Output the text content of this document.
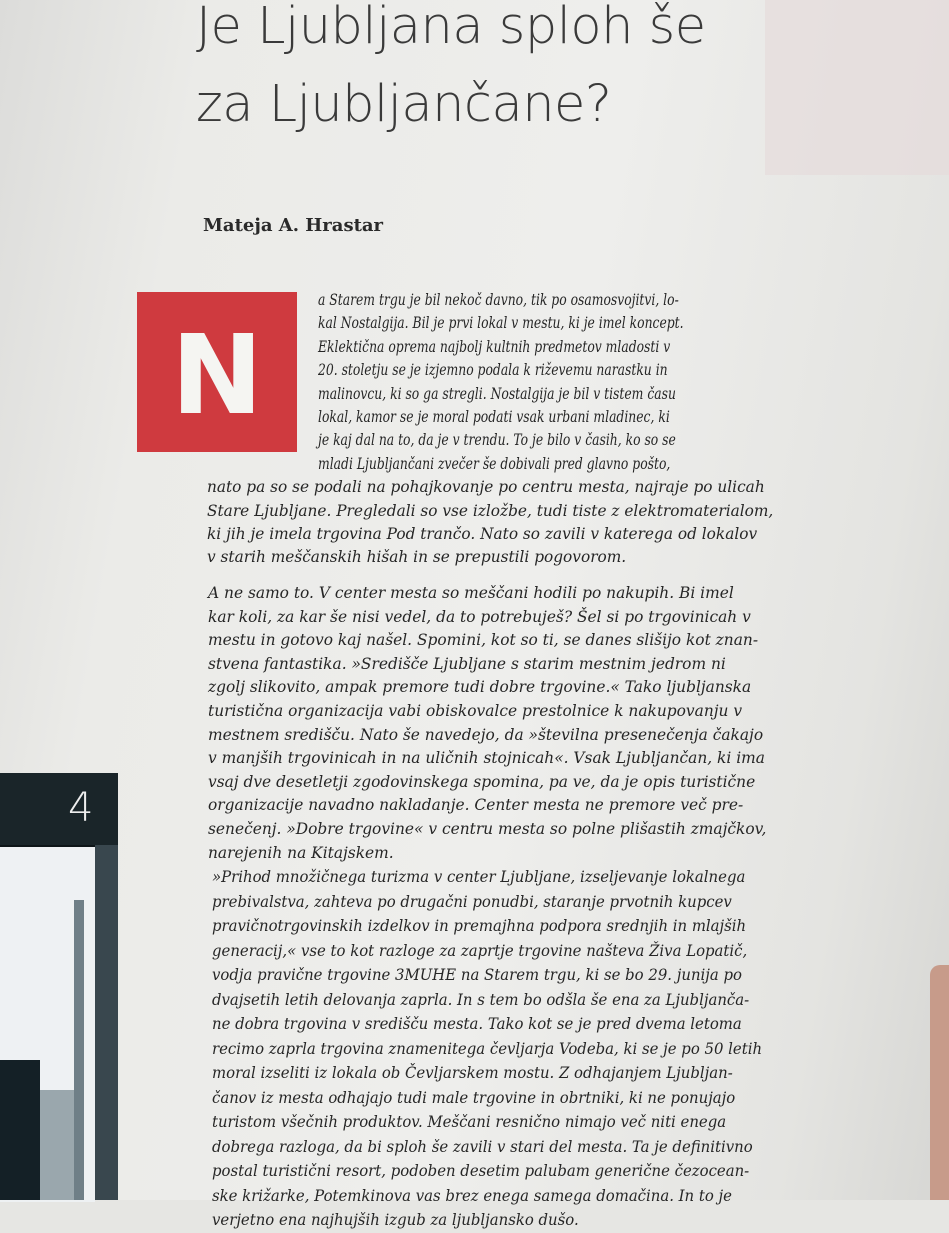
Je Ljubljana sploh še
za Ljubljančane?

Mateja A. Hrastar

N

a Starem trgu je bil nekoč davno, tik po osamosvojitvi, lo-
kal Nostalgija. Bil je prvi lokal v mestu, ki je imel koncept.
Eklektična oprema najbolj kultnih predmetov mladosti v
20. stoletju se je izjemno podala k riževemu narastku in
malinovcu, ki so ga stregli. Nostalgija je bil v tistem času
lokal, kamor se je moral podati vsak urbani mladinec, ki
je kaj dal na to, da je v trendu. To je bilo v časih, ko so se
mladi Ljubljančani zvečer še dobivali pred glavno pošto,
nato pa so se podali na pohajkovanje po centru mesta, najraje po ulicah
Stare Ljubljane. Pregledali so vse izložbe, tudi tiste z elektromaterialom,
ki jih je imela trgovina Pod trančo. Nato so zavili v katerega od lokalov
v starih meščanskih hišah in se prepustili pogovorom.

A ne samo to. V center mesta so meščani hodili po nakupih. Bi imel
kar koli, za kar še nisi vedel, da to potrebuješ? Šel si po trgovinicah v
mestu in gotovo kaj našel. Spomini, kot so ti, se danes slišijo kot znan-
stvena fantastika. »Središče Ljubljane s starim mestnim jedrom ni
zgolj slikovito, ampak premore tudi dobre trgovine.« Tako ljubljanska
turistična organizacija vabi obiskovalce prestolnice k nakupovanju v
mestnem središču. Nato še navedejo, da »številna presenečenja čakajo
v manjših trgovinicah in na uličnih stojnicah«. Vsak Ljubljančan, ki ima
vsaj dve desetletji zgodovinskega spomina, pa ve, da je opis turistične
organizacije navadno nakladanje. Center mesta ne premore več pre-
senečenj. »Dobre trgovine« v centru mesta so polne plišastih zmajčkov,
narejenih na Kitajskem.

»Prihod množičnega turizma v center Ljubljane, izseljevanje lokalnega
prebivalstva, zahteva po drugačni ponudbi, staranje prvotnih kupcev
pravičnotrgovinskih izdelkov in premajhna podpora srednjih in mlajših
generacij,« vse to kot razloge za zaprtje trgovine našteva Živa Lopatič,
vodja pravične trgovine 3MUHE na Starem trgu, ki se bo 29. junija po
dvajsetih letih delovanja zaprla. In s tem bo odšla še ena za Ljubljanča-
ne dobra trgovina v središču mesta. Tako kot se je pred dvema letoma
recimo zaprla trgovina znamenitega čevljarja Vodeba, ki se je po 50 letih
moral izseliti iz lokala ob Čevljarskem mostu. Z odhajanjem Ljubljan-
čanov iz mesta odhajajo tudi male trgovine in obrtniki, ki ne ponujajo
turistom všečnih produktov. Meščani resnično nimajo več niti enega
dobrega razloga, da bi sploh še zavili v stari del mesta. Ta je definitivno
postal turistični resort, podoben desetim palubam generične čezocean-
ske križarke, Potemkinova vas brez enega samega domačina. In to je
verjetno ena najhujših izgub za ljubljansko dušo.

4
